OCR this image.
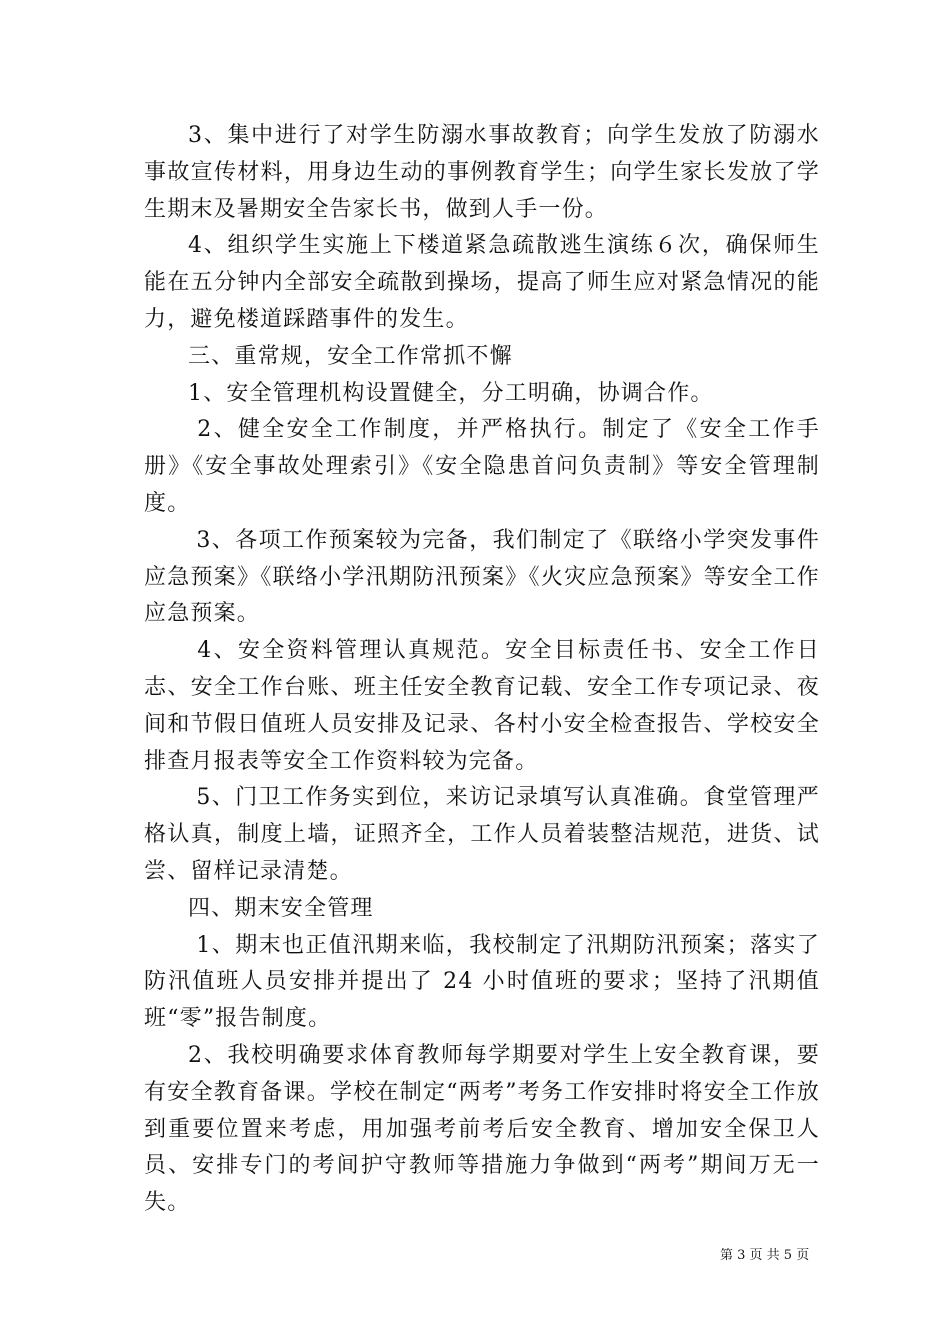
3、集中进行了对学生防溺水事故教育；向学生发放了防溺水事故宣传材料，用身边生动的事例教育学生；向学生家长发放了学生期末及暑期安全告家长书，做到人手一份。

4、组织学生实施上下楼道紧急疏散逃生演练６次，确保师生能在五分钟内全部安全疏散到操场，提高了师生应对紧急情况的能力，避免楼道踩踏事件的发生。

三、重常规，安全工作常抓不懈

1、安全管理机构设置健全，分工明确，协调合作。

2、健全安全工作制度，并严格执行。制定了《安全工作手册》《安全事故处理索引》《安全隐患首问负责制》等安全管理制度。

3、各项工作预案较为完备，我们制定了《联络小学突发事件应急预案》《联络小学汛期防汛预案》《火灾应急预案》等安全工作应急预案。

4、安全资料管理认真规范。安全目标责任书、安全工作日志、安全工作台账、班主任安全教育记载、安全工作专项记录、夜间和节假日值班人员安排及记录、各村小安全检查报告、学校安全排查月报表等安全工作资料较为完备。

5、门卫工作务实到位，来访记录填写认真准确。食堂管理严格认真，制度上墙，证照齐全，工作人员着装整洁规范，进货、试尝、留样记录清楚。

四、期末安全管理

1、期末也正值汛期来临，我校制定了汛期防汛预案；落实了防汛值班人员安排并提出了 24 小时值班的要求；坚持了汛期值班“零”报告制度。

2、我校明确要求体育教师每学期要对学生上安全教育课，要有安全教育备课。学校在制定“两考”考务工作安排时将安全工作放到重要位置来考虑，用加强考前考后安全教育、增加安全保卫人员、安排专门的考间护守教师等措施力争做到“两考”期间万无一失。

第 3 页 共 5 页
